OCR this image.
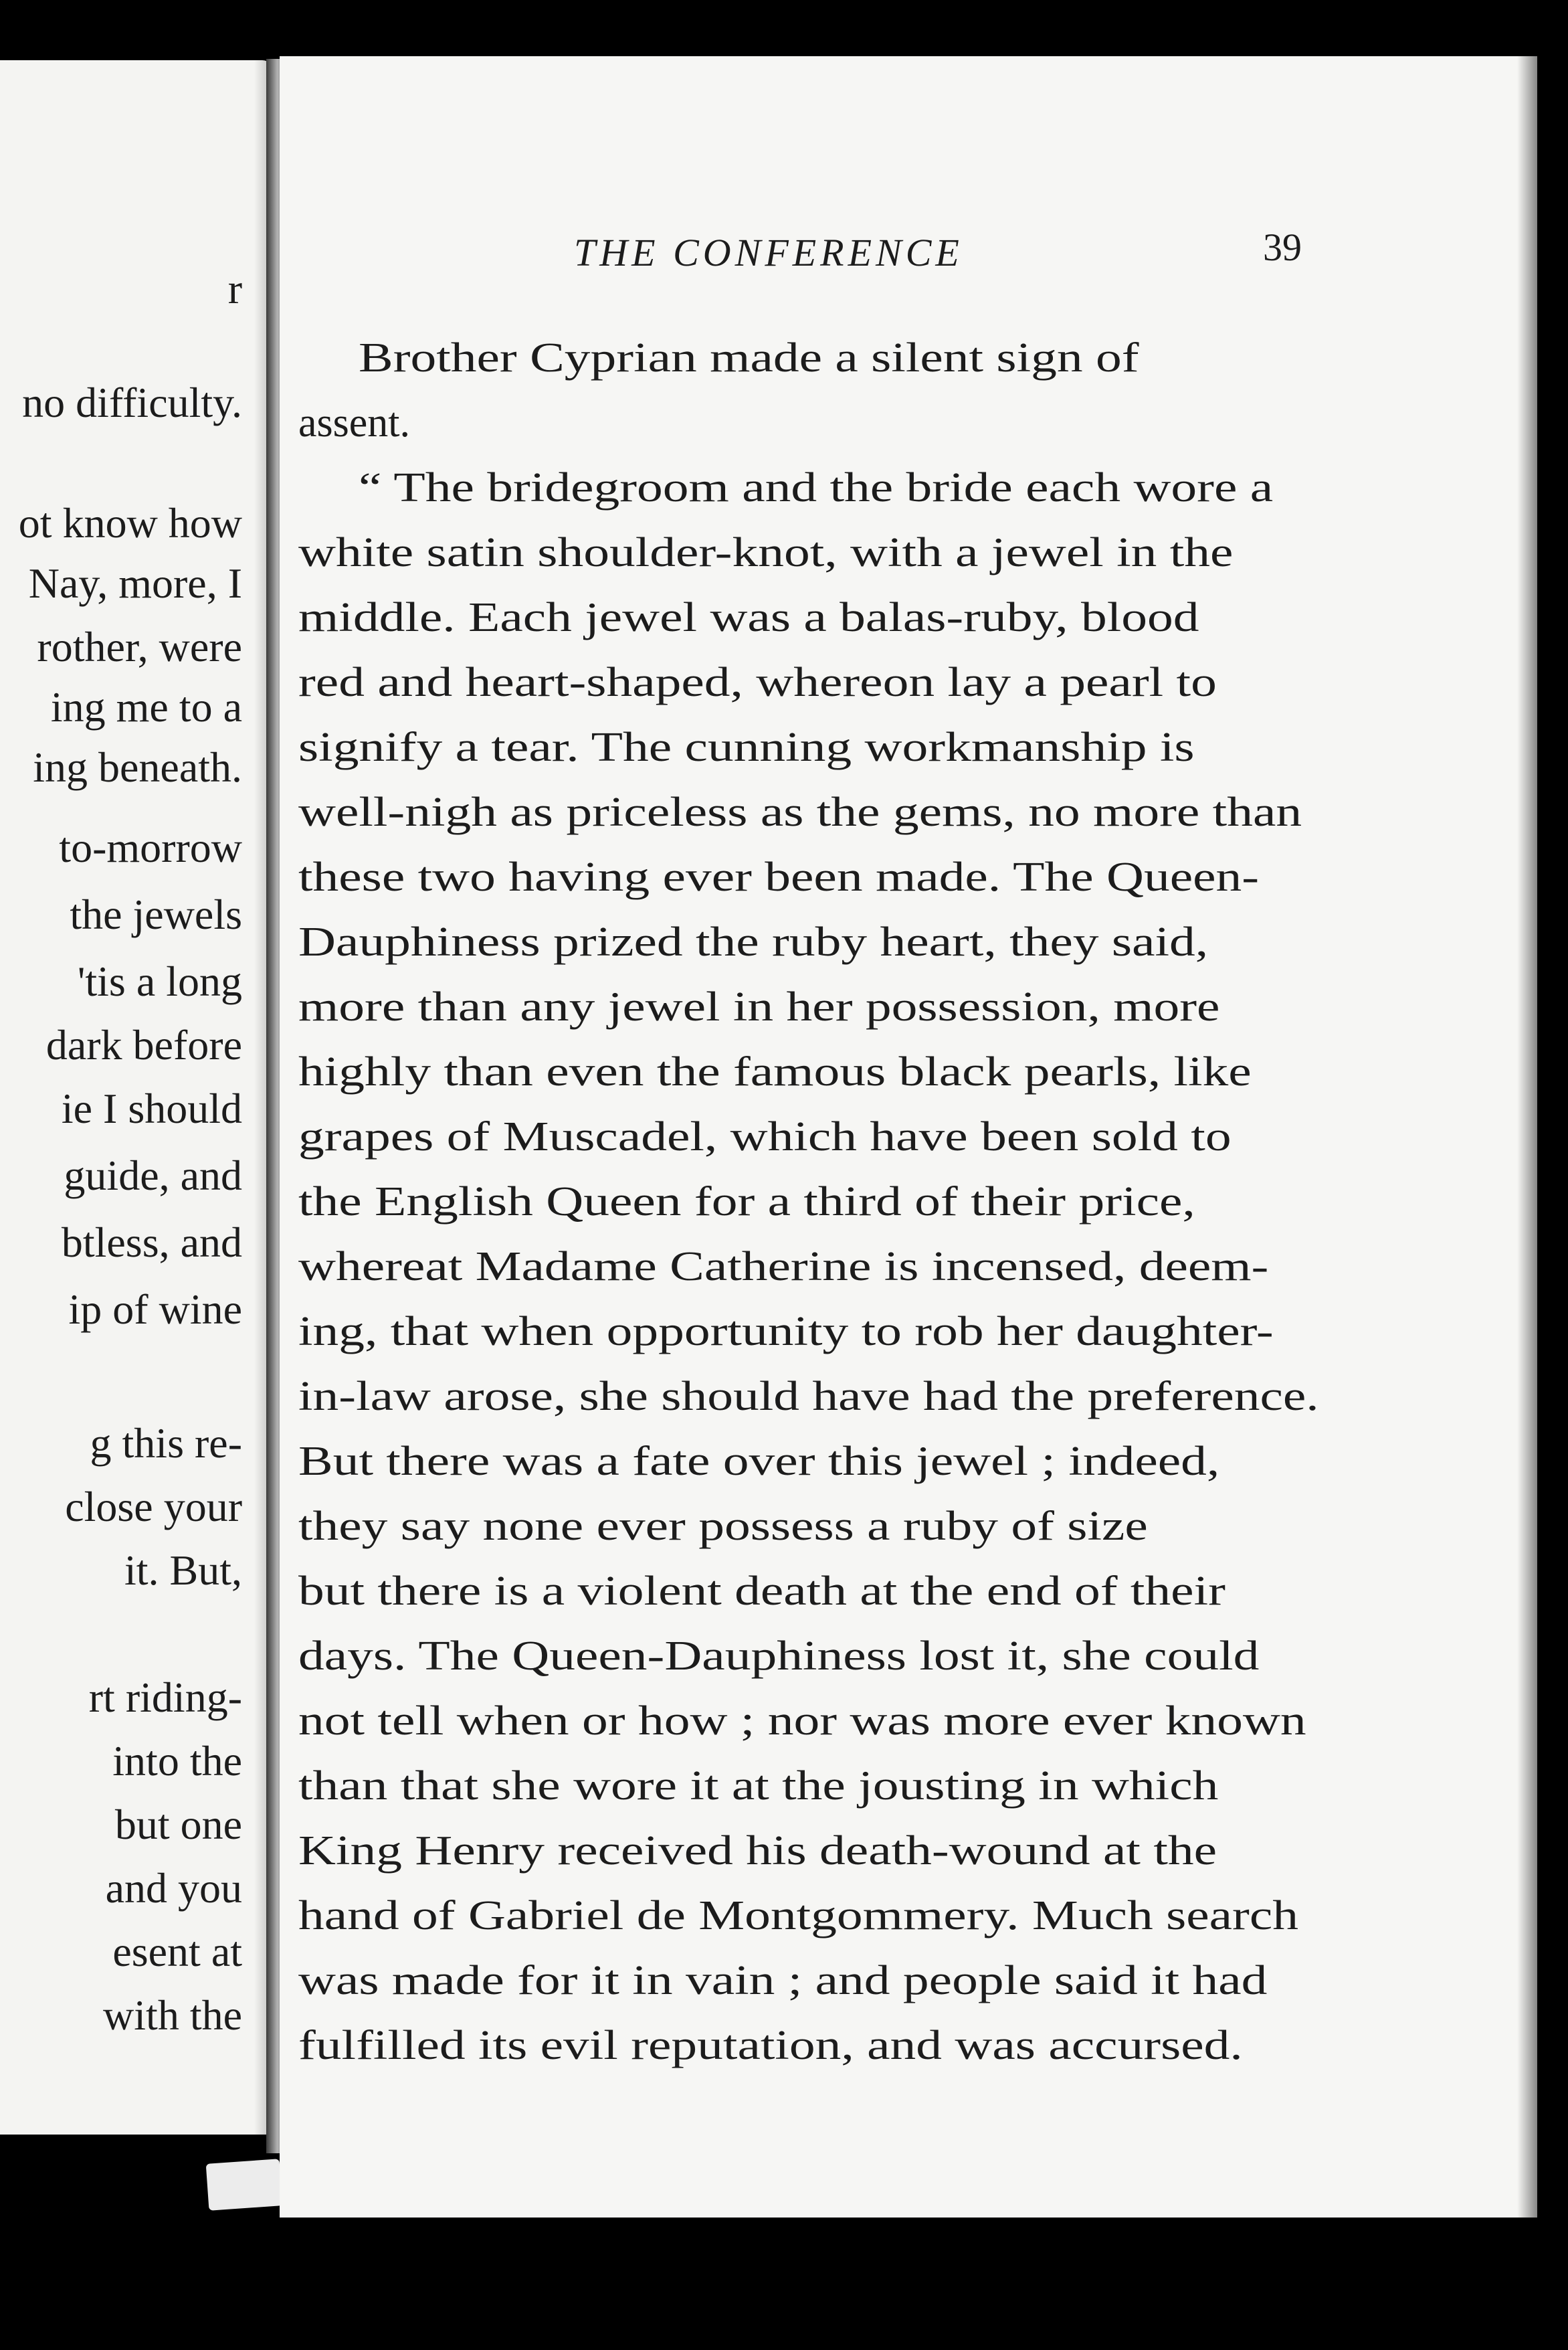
r
no difficulty.
ot know how
Nay, more, I
rother, were
ing me to a
ing beneath.
to-morrow
the jewels
'tis a long
dark before
ie I should
guide, and
btless, and
ip of wine
g this re-
close your
it. But,
rt riding-
into the
but one
and you
esent at
with the
THE CONFERENCE	39
Brother Cyprian made a silent sign of
assent.
“ The bridegroom and the bride each wore a
white satin shoulder-knot, with a jewel in the
middle. Each jewel was a balas-ruby, blood
red and heart-shaped, whereon lay a pearl to
signify a tear. The cunning workmanship is
well-nigh as priceless as the gems, no more than
these two having ever been made. The Queen-
Dauphiness prized the ruby heart, they said,
more than any jewel in her possession, more
highly than even the famous black pearls, like
grapes of Muscadel, which have been sold to
the English Queen for a third of their price,
whereat Madame Catherine is incensed, deem-
ing, that when opportunity to rob her daughter-
in-law arose, she should have had the preference.
But there was a fate over this jewel ; indeed,
they say none ever possess a ruby of size
but there is a violent death at the end of their
days. The Queen-Dauphiness lost it, she could
not tell when or how ; nor was more ever known
than that she wore it at the jousting in which
King Henry received his death-wound at the
hand of Gabriel de Montgommery. Much search
was made for it in vain ; and people said it had
fulfilled its evil reputation, and was accursed.
